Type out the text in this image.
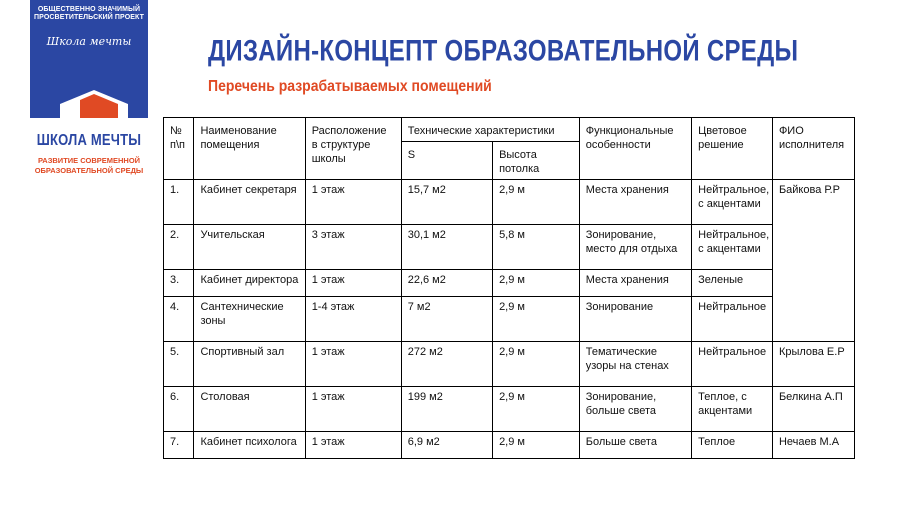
ОБЩЕСТВЕННО ЗНАЧИМЫЙ ПРОСВЕТИТЕЛЬСКИЙ ПРОЕКТ
Школа мечты
ШКОЛА МЕЧТЫ
РАЗВИТИЕ СОВРЕМЕННОЙ ОБРАЗОВАТЕЛЬНОЙ СРЕДЫ
ДИЗАЙН-КОНЦЕПТ ОБРАЗОВАТЕЛЬНОЙ СРЕДЫ
Перечень разрабатываемых помещений
№ п\п	Наименование помещения	Расположение в структуре школы	Технические характеристики		Функциональные особенности	Цветовое решение	ФИО исполнителя
			S	Высота потолка			
1.	Кабинет секретаря	1 этаж	15,7 м2	2,9 м	Места хранения	Нейтральное, с акцентами	Байкова Р.Р
2.	Учительская	3 этаж	30,1 м2	5,8 м	Зонирование, место для отдыха	Нейтральное, с акцентами	
3.	Кабинет директора	1 этаж	22,6 м2	2,9 м	Места хранения	Зеленые	
4.	Сантехнические зоны	1-4 этаж	7 м2	2,9 м	Зонирование	Нейтральное	
5.	Спортивный зал	1 этаж	272 м2	2,9 м	Тематические узоры на стенах	Нейтральное	Крылова Е.Р
6.	Столовая	1 этаж	199 м2	2,9 м	Зонирование, больше света	Теплое, с акцентами	Белкина А.П
7.	Кабинет психолога	1 этаж	6,9 м2	2,9 м	Больше света	Теплое	Нечаев М.А
